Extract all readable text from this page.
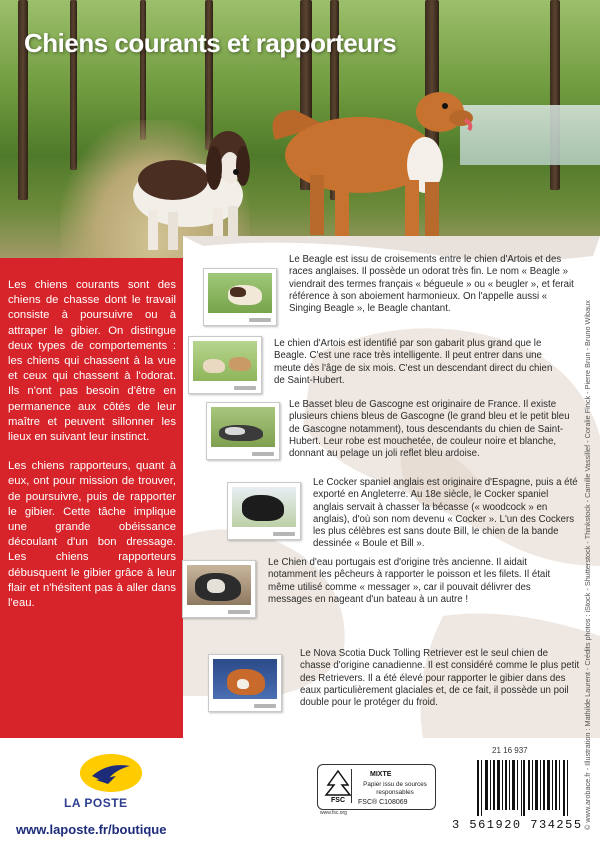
Chiens courants et rapporteurs

Les chiens courants sont des chiens de chasse dont le travail consiste à poursuivre ou à attraper le gibier. On distingue deux types de comportements : les chiens qui chassent à la vue et ceux qui chassent à l'odorat. Ils n'ont pas besoin d'être en permanence aux côtés de leur maître et peuvent sillonner les lieux en suivant leur instinct.

Les chiens rapporteurs, quant à eux, ont pour mission de trouver, de poursuivre, puis de rapporter le gibier. Cette tâche implique une grande obéissance découlant d'un bon dressage. Les chiens rapporteurs débusquent le gibier grâce à leur flair et n'hésitent pas à aller dans l'eau.

Le Beagle est issu de croisements entre le chien d'Artois et des races anglaises. Il possède un odorat très fin. Le nom « Beagle » viendrait des termes français « bégueule » ou « beugler », et ferait référence à son aboiement harmonieux. On l'appelle aussi « Singing Beagle », le Beagle chantant.
Le chien d'Artois est identifié par son gabarit plus grand que le Beagle. C'est une race très intelligente. Il peut entrer dans une meute dès l'âge de six mois. C'est un descendant direct du chien de Saint-Hubert.
Le Basset bleu de Gascogne est originaire de France. Il existe plusieurs chiens bleus de Gascogne (le grand bleu et le petit bleu de Gascogne notamment), tous descendants du chien de Saint-Hubert. Leur robe est mouchetée, de couleur noire et blanche, donnant au pelage un joli reflet bleu ardoise.
Le Cocker spaniel anglais est originaire d'Espagne, puis a été exporté en Angleterre. Au 18e siècle, le Cocker spaniel anglais servait à chasser la bécasse (« woodcock » en anglais), d'où son nom devenu « Cocker ». L'un des Cockers les plus célèbres est sans doute Bill, le chien de la bande dessinée « Boule et Bill ».
Le Chien d'eau portugais est d'origine très ancienne. Il aidait notamment les pêcheurs à rapporter le poisson et les filets. Il était même utilisé comme « messager », car il pouvait délivrer des messages en nageant d'un bateau à un autre !
Le Nova Scotia Duck Tolling Retriever est le seul chien de chasse d'origine canadienne. Il est considéré comme le plus petit des Retrievers. Il a été élevé pour rapporter le gibier dans des eaux particulièrement glaciales et, de ce fait, il possède un poil double pour le protéger du froid.
LA POSTE
www.laposte.fr/boutique
21 16 937
FSC
MIXTE
Papier issu de sources responsables
FSC® C108069
www.fsc.org
3 561920 734255 © www.arobace.fr - Illustration : Mathilde Laurent - Crédits photos : iStock - Shutterstock - Thinkstock - Camille Vassillef - Coralie Finck - Pierre Brun - Bruno Wibaux
